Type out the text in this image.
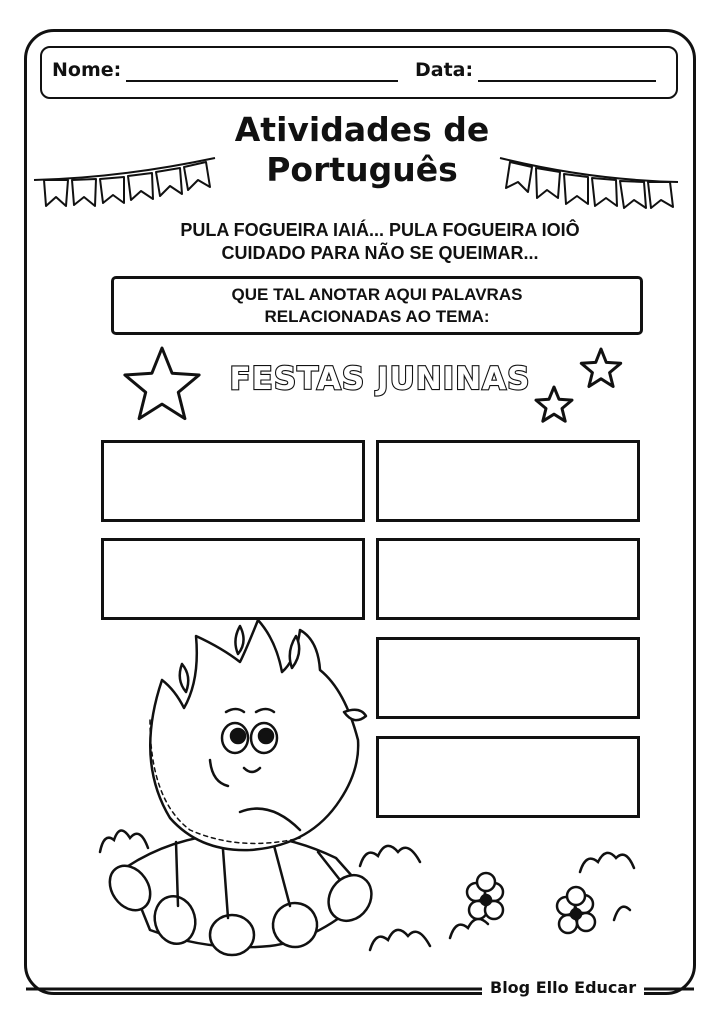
Nome:	Data:
Atividades de
Português
PULA FOGUEIRA IAIÁ... PULA FOGUEIRA IOIÔ
CUIDADO PARA NÃO SE QUEIMAR...
QUE TAL ANOTAR AQUI PALAVRAS
RELACIONADAS AO TEMA:
FESTAS JUNINAS
Blog Ello Educar
